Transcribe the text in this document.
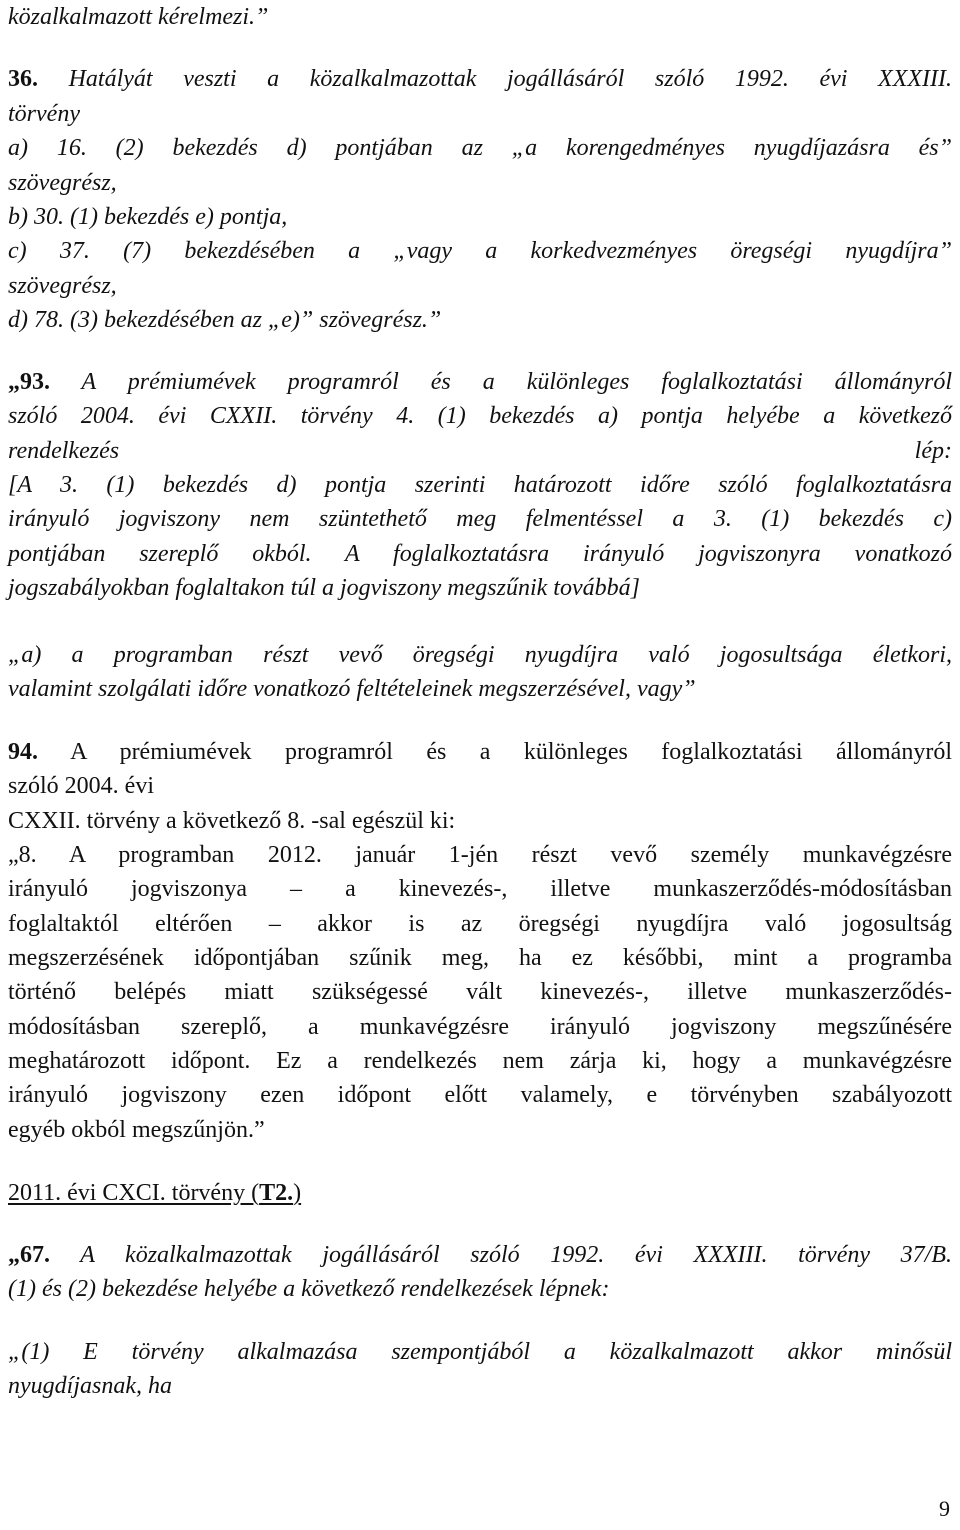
közalkalmazott kérelmezi.”
36. Hatályát veszti a közalkalmazottak jogállásáról szóló 1992. évi XXXIII.
törvény
a) 16. (2) bekezdés d) pontjában az „a korengedményes nyugdíjazásra és”
szövegrész,
b) 30. (1) bekezdés e) pontja,
c) 37. (7) bekezdésében a „vagy a korkedvezményes öregségi nyugdíjra”
szövegrész,
d) 78. (3) bekezdésében az „e)” szövegrész.”
„93. A prémiumévek programról és a különleges foglalkoztatási állományról
szóló 2004. évi CXXII. törvény 4. (1) bekezdés a) pontja helyébe a következő
rendelkezés lép:
[A 3. (1) bekezdés d) pontja szerinti határozott időre szóló foglalkoztatásra
irányuló jogviszony nem szüntethető meg felmentéssel a 3. (1) bekezdés c)
pontjában szereplő okból. A foglalkoztatásra irányuló jogviszonyra vonatkozó
jogszabályokban foglaltakon túl a jogviszony megszűnik továbbá]
„a) a programban részt vevő öregségi nyugdíjra való jogosultsága életkori,
valamint szolgálati időre vonatkozó feltételeinek megszerzésével, vagy”
94. A prémiumévek programról és a különleges foglalkoztatási állományról
szóló 2004. évi
CXXII. törvény a következő 8. -sal egészül ki:
„8. A programban 2012. január 1-jén részt vevő személy munkavégzésre
irányuló jogviszonya – a kinevezés-, illetve munkaszerződés-módosításban
foglaltaktól eltérően – akkor is az öregségi nyugdíjra való jogosultság
megszerzésének időpontjában szűnik meg, ha ez későbbi, mint a programba
történő belépés miatt szükségessé vált kinevezés-, illetve munkaszerződés-
módosításban szereplő, a munkavégzésre irányuló jogviszony megszűnésére
meghatározott időpont. Ez a rendelkezés nem zárja ki, hogy a munkavégzésre
irányuló jogviszony ezen időpont előtt valamely, e törvényben szabályozott
egyéb okból megszűnjön.”
2011. évi CXCI. törvény (T2.)
„67. A közalkalmazottak jogállásáról szóló 1992. évi XXXIII. törvény 37/B.
(1) és (2) bekezdése helyébe a következő rendelkezések lépnek:
„(1) E törvény alkalmazása szempontjából a közalkalmazott akkor minősül
nyugdíjasnak, ha
9
